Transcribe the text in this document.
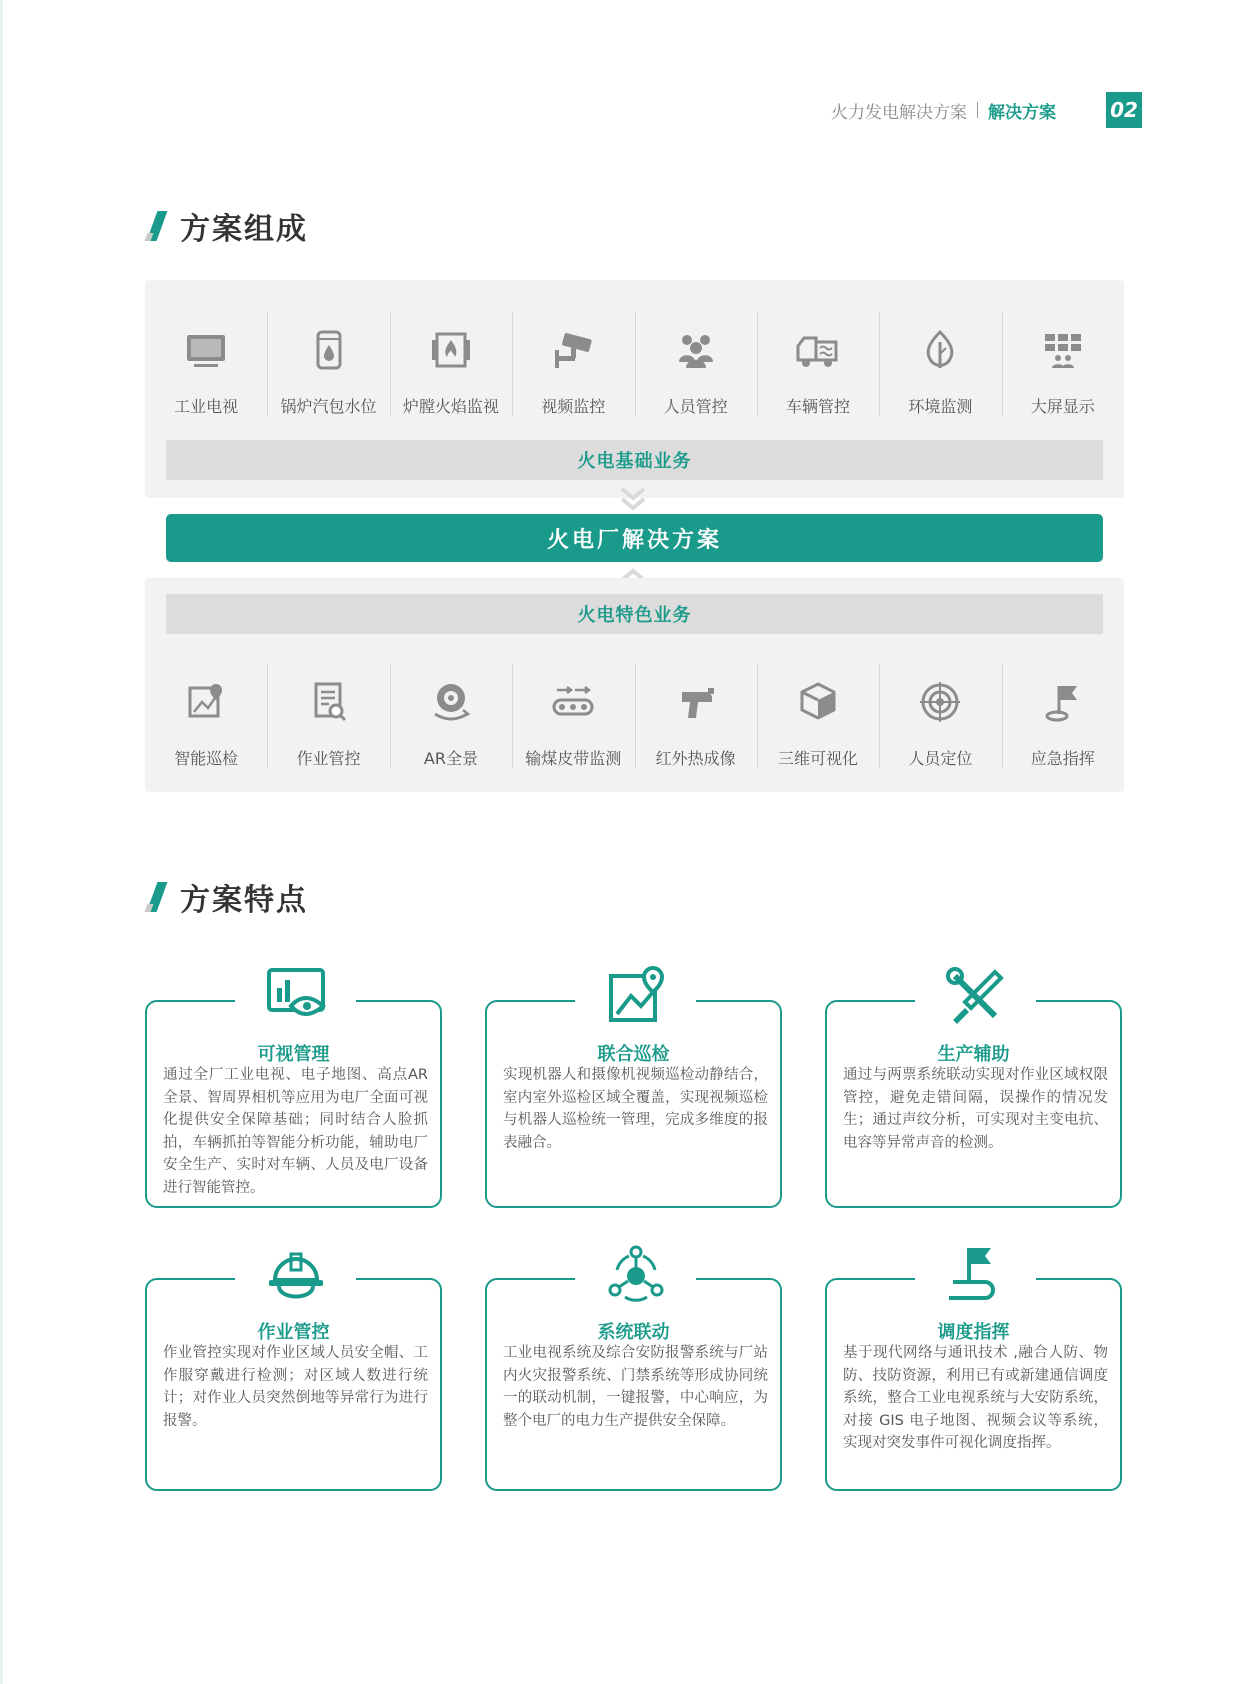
火力发电解决方案 解决方案	02
方案组成
工业电视	锅炉汽包水位 炉膛火焰监视	视频监控	人员管控	车辆管控	环境监测	大屏显示
火电基础业务
火电厂解决方案
火电特色业务
智能巡检	作业管控	AR全景	输煤皮带监测 红外热成像	三维可视化	人员定位	应急指挥
方案特点
可视管理
通过全厂工业电视、电子地图、高点AR 全景、智周界相机等应用为电厂全面可视化提供安全保障基础；同时结合人脸抓拍，车辆抓拍等智能分析功能，辅助电厂安全生产、实时对车辆、人员及电厂设备进行智能管控。
联合巡检
实现机器人和摄像机视频巡检动静结合，室内室外巡检区域全覆盖，实现视频巡检与机器人巡检统一管理，完成多维度的报表融合。
生产辅助
通过与两票系统联动实现对作业区域权限管控，避免走错间隔，误操作的情况发生；通过声纹分析，可实现对主变电抗、电容等异常声音的检测。
作业管控
作业管控实现对作业区域人员安全帽、工作服穿戴进行检测；对区域人数进行统计；对作业人员突然倒地等异常行为进行报警。
系统联动
工业电视系统及综合安防报警系统与厂站内火灾报警系统、门禁系统等形成协同统一的联动机制，一键报警，中心响应，为整个电厂的电力生产提供安全保障。
调度指挥
基于现代网络与通讯技术 ,融合人防、物防、技防资源，利用已有或新建通信调度系统，整合工业电视系统与大安防系统，对接 GIS 电子地图、视频会议等系统，实现对突发事件可视化调度指挥。
